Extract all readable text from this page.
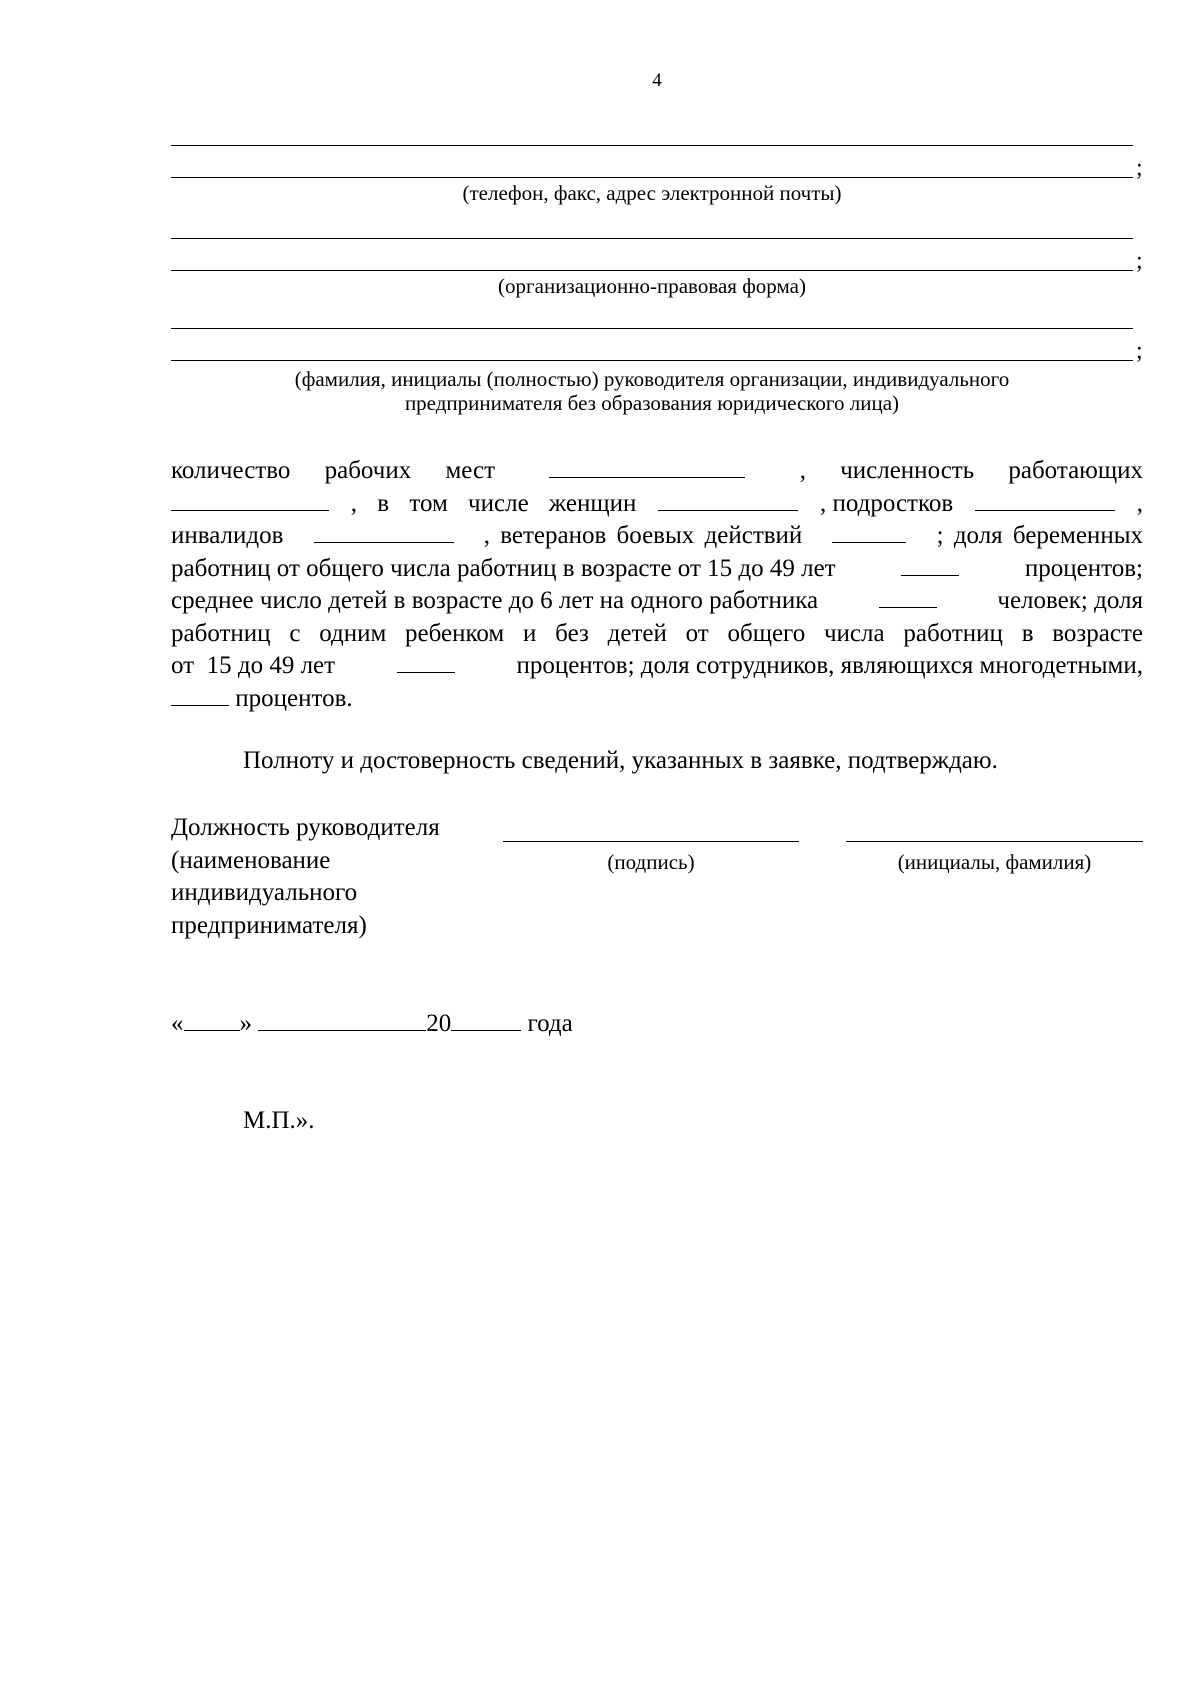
4
;
(телефон, факс, адрес электронной почты)
;
(организационно-правовая форма)
;
(фамилия, инициалы (полностью) руководителя организации, индивидуального
предпринимателя без образования юридического лица)
количество рабочих мест	, численность работающих
, в том числе женщин	, подростков	,
инвалидов	, ветеранов боевых действий	; доля беременных
работниц от общего числа работниц в возрасте от 15 до 49 лет	процентов;
среднее число детей в возрасте до 6 лет на одного работника	человек; доля
работниц с одним ребенком и без детей от общего числа работниц в возрасте
от  15 до 49 лет	процентов; доля сотрудников, являющихся многодетными,
процентов.
Полноту и достоверность сведений, указанных в заявке, подтверждаю.
Должность руководителя
(наименование
индивидуального
предпринимателя)
(подпись)	(инициалы, фамилия)
« »	20	года
М.П.».
